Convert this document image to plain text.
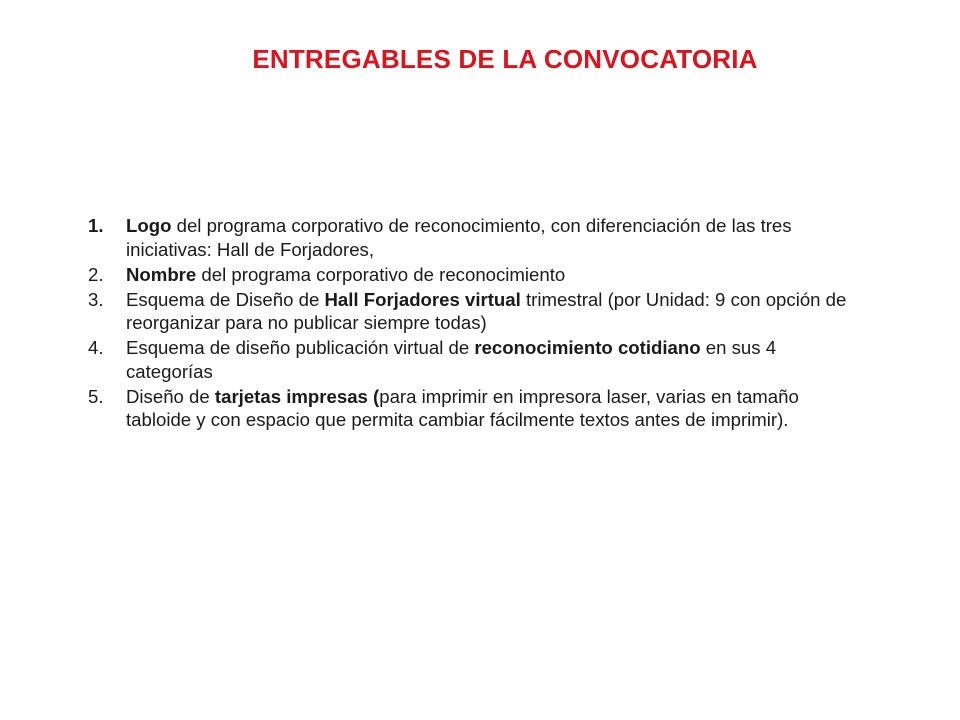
ENTREGABLES DE LA CONVOCATORIA
1. Logo del programa corporativo de reconocimiento, con diferenciación de las tres iniciativas: Hall de Forjadores,
2. Nombre del programa corporativo de reconocimiento
3. Esquema de Diseño de Hall Forjadores virtual trimestral (por Unidad: 9 con opción de reorganizar para no publicar siempre todas)
4. Esquema de diseño publicación virtual de reconocimiento cotidiano en sus 4 categorías
5. Diseño de tarjetas impresas (para imprimir en impresora laser, varias en tamaño tabloide y con espacio que permita cambiar fácilmente textos antes de imprimir).
